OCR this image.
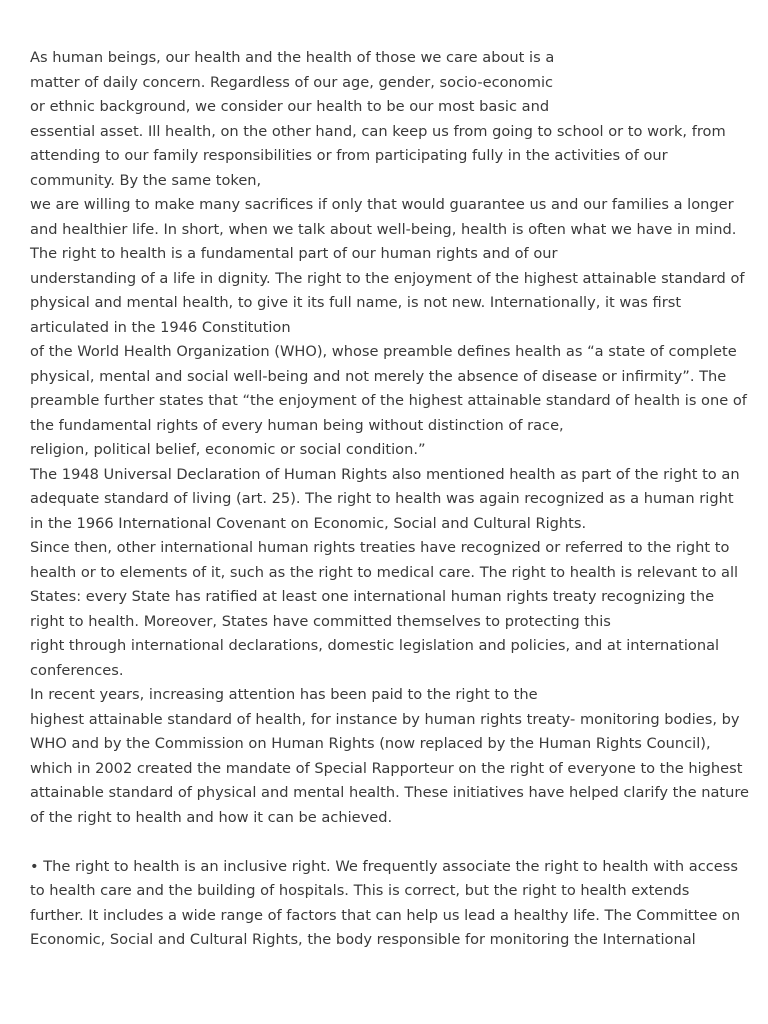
As human beings, our health and the health of those we care about is a
matter of daily concern. Regardless of our age, gender, socio-economic
or ethnic background, we consider our health to be our most basic and
essential asset. Ill health, on the other hand, can keep us from going to school or to work, from
attending to our family responsibilities or from participating fully in the activities of our
community. By the same token,
we are willing to make many sacrifices if only that would guarantee us and our families a longer
and healthier life. In short, when we talk about well-being, health is often what we have in mind.
The right to health is a fundamental part of our human rights and of our
understanding of a life in dignity. The right to the enjoyment of the highest attainable standard of
physical and mental health, to give it its full name, is not new. Internationally, it was first
articulated in the 1946 Constitution
of the World Health Organization (WHO), whose preamble defines health as “a state of complete
physical, mental and social well-being and not merely the absence of disease or infirmity”. The
preamble further states that “the enjoyment of the highest attainable standard of health is one of
the fundamental rights of every human being without distinction of race,
religion, political belief, economic or social condition.”
The 1948 Universal Declaration of Human Rights also mentioned health as part of the right to an
adequate standard of living (art. 25). The right to health was again recognized as a human right
in the 1966 International Covenant on Economic, Social and Cultural Rights.
Since then, other international human rights treaties have recognized or referred to the right to
health or to elements of it, such as the right to medical care. The right to health is relevant to all
States: every State has ratified at least one international human rights treaty recognizing the
right to health. Moreover, States have committed themselves to protecting this
right through international declarations, domestic legislation and policies, and at international
conferences.
In recent years, increasing attention has been paid to the right to the
highest attainable standard of health, for instance by human rights treaty- monitoring bodies, by
WHO and by the Commission on Human Rights (now replaced by the Human Rights Council),
which in 2002 created the mandate of Special Rapporteur on the right of everyone to the highest
attainable standard of physical and mental health. These initiatives have helped clarify the nature
of the right to health and how it can be achieved.
• The right to health is an inclusive right. We frequently associate the right to health with access
to health care and the building of hospitals. This is correct, but the right to health extends
further. It includes a wide range of factors that can help us lead a healthy life. The Committee on
Economic, Social and Cultural Rights, the body responsible for monitoring the International
